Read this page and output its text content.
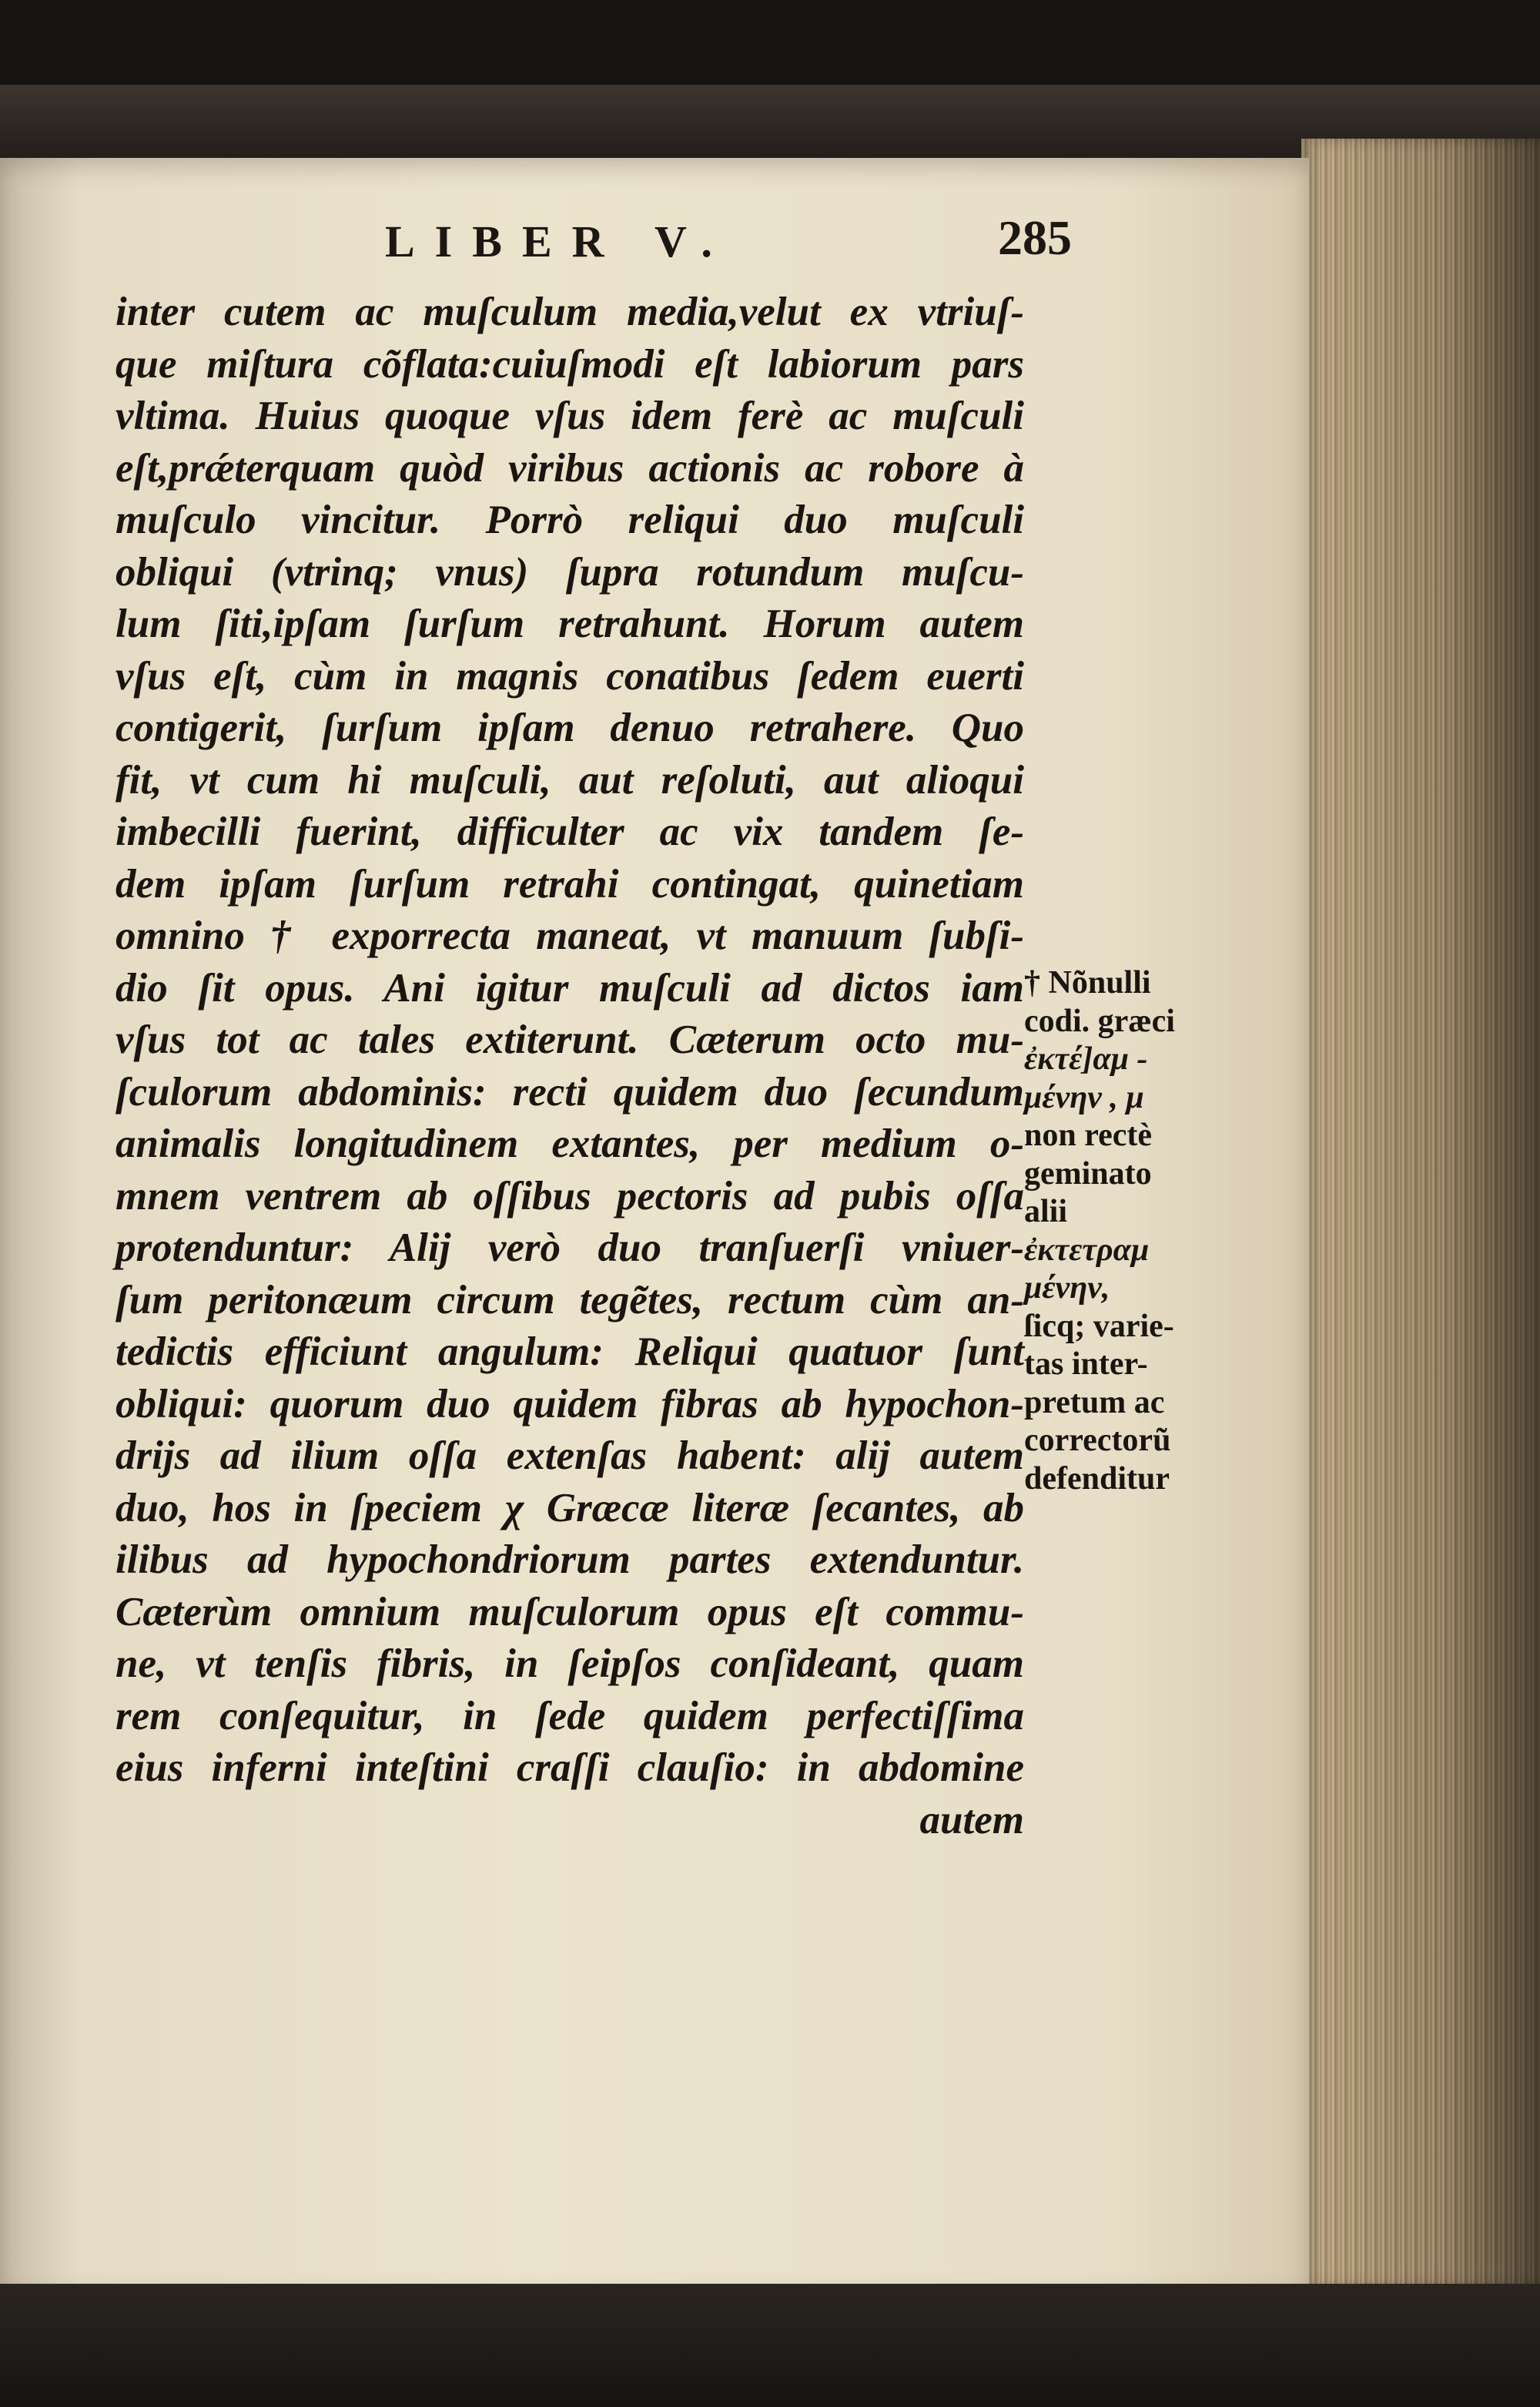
LIBER V.	285
inter cutem ac muſculum media,velut ex vtriuſ-
que miſtura cõflata:cuiuſmodi eſt labiorum pars
vltima. Huius quoque vſus idem ferè ac muſculi
eſt,prǽterquam quòd viribus actionis ac robore à
muſculo vincitur. Porrò reliqui duo muſculi
obliqui (vtrinq; vnus) ſupra rotundum muſcu-
lum ſiti,ipſam ſurſum retrahunt. Horum autem
vſus eſt, cùm in magnis conatibus ſedem euerti
contigerit, ſurſum ipſam denuo retrahere. Quo
fit, vt cum hi muſculi, aut reſoluti, aut alioqui
imbecilli fuerint, difficulter ac vix tandem ſe-
dem ipſam ſurſum retrahi contingat, quinetiam
omnino † exporrecta maneat, vt manuum ſubſi-
dio ſit opus. Ani igitur muſculi ad dictos iam
vſus tot ac tales extiterunt. Cæterum octo mu-
ſculorum abdominis: recti quidem duo ſecundum
animalis longitudinem extantes, per medium o-
mnem ventrem ab oſſibus pectoris ad pubis oſſa
protenduntur: Alij verò duo tranſuerſi vniuer-
ſum peritonæum circum tegẽtes, rectum cùm an-
tedictis efficiunt angulum: Reliqui quatuor ſunt
obliqui: quorum duo quidem fibras ab hypochon-
drijs ad ilium oſſa extenſas habent: alij autem
duo, hos in ſpeciem χ Græcæ literæ ſecantes, ab
ilibus ad hypochondriorum partes extenduntur.
Cæterùm omnium muſculorum opus eſt commu-
ne, vt tenſis fibris, in ſeipſos conſideant, quam
rem conſequitur, in ſede quidem perfectiſſima
eius inferni inteſtini craſſi clauſio: in abdomine
autem
† Nõnulli
codi. græci
ἐκτέ]αμ -
μένην , μ
non rectè
geminato
alii
ἐκτετραμ
μένην,
ſicq; varie-
tas inter-
pretum ac
correctorũ
defenditur
